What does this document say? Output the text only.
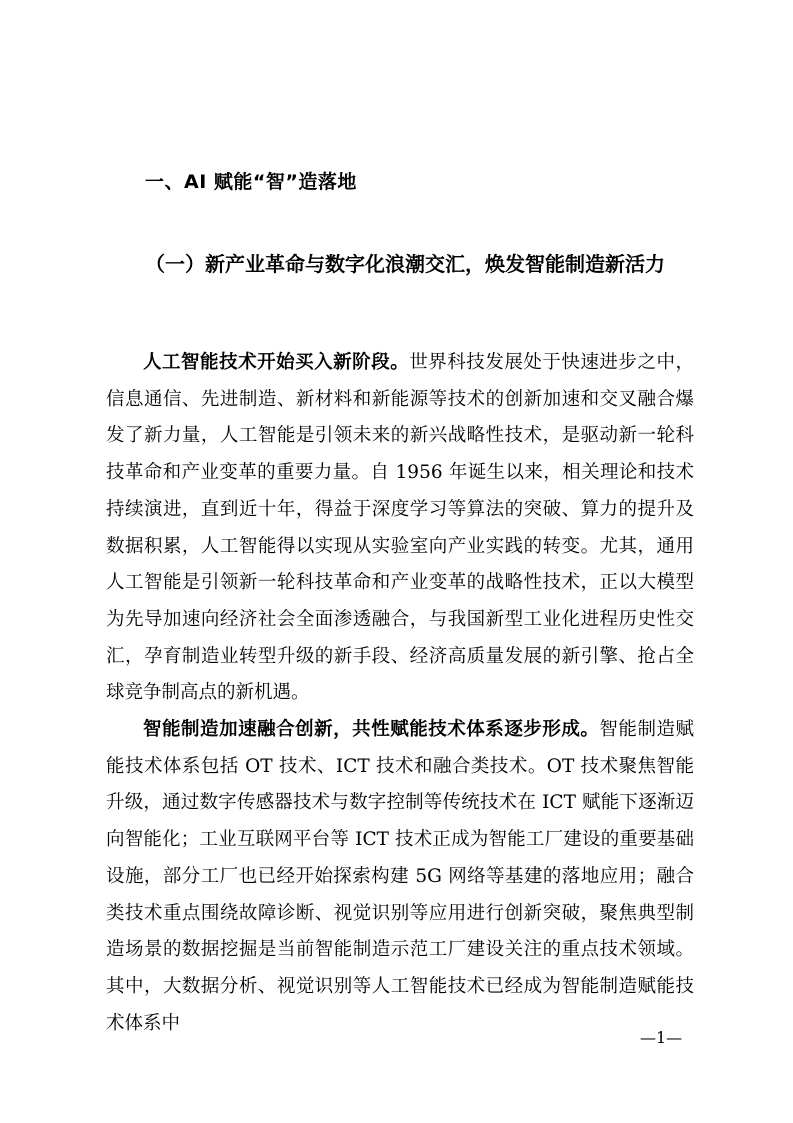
一、AI 赋能“智”造落地
（一）新产业革命与数字化浪潮交汇，焕发智能制造新活力

人工智能技术开始买入新阶段。世界科技发展处于快速进步之中，信息通信、先进制造、新材料和新能源等技术的创新加速和交叉融合爆发了新力量，人工智能是引领未来的新兴战略性技术，是驱动新一轮科技革命和产业变革的重要力量。自 1956 年诞生以来，相关理论和技术持续演进，直到近十年，得益于深度学习等算法的突破、算力的提升及数据积累，人工智能得以实现从实验室向产业实践的转变。尤其，通用人工智能是引领新一轮科技革命和产业变革的战略性技术，正以大模型为先导加速向经济社会全面渗透融合，与我国新型工业化进程历史性交汇，孕育制造业转型升级的新手段、经济高质量发展的新引擎、抢占全球竞争制高点的新机遇。

智能制造加速融合创新，共性赋能技术体系逐步形成。智能制造赋能技术体系包括 OT 技术、ICT 技术和融合类技术。OT 技术聚焦智能升级，通过数字传感器技术与数字控制等传统技术在 ICT 赋能下逐渐迈向智能化；工业互联网平台等 ICT 技术正成为智能工厂建设的重要基础设施，部分工厂也已经开始探索构建 5G 网络等基建的落地应用；融合类技术重点围绕故障诊断、视觉识别等应用进行创新突破，聚焦典型制造场景的数据挖掘是当前智能制造示范工厂建设关注的重点技术领域。其中，大数据分析、视觉识别等人工智能技术已经成为智能制造赋能技术体系中

—1—
